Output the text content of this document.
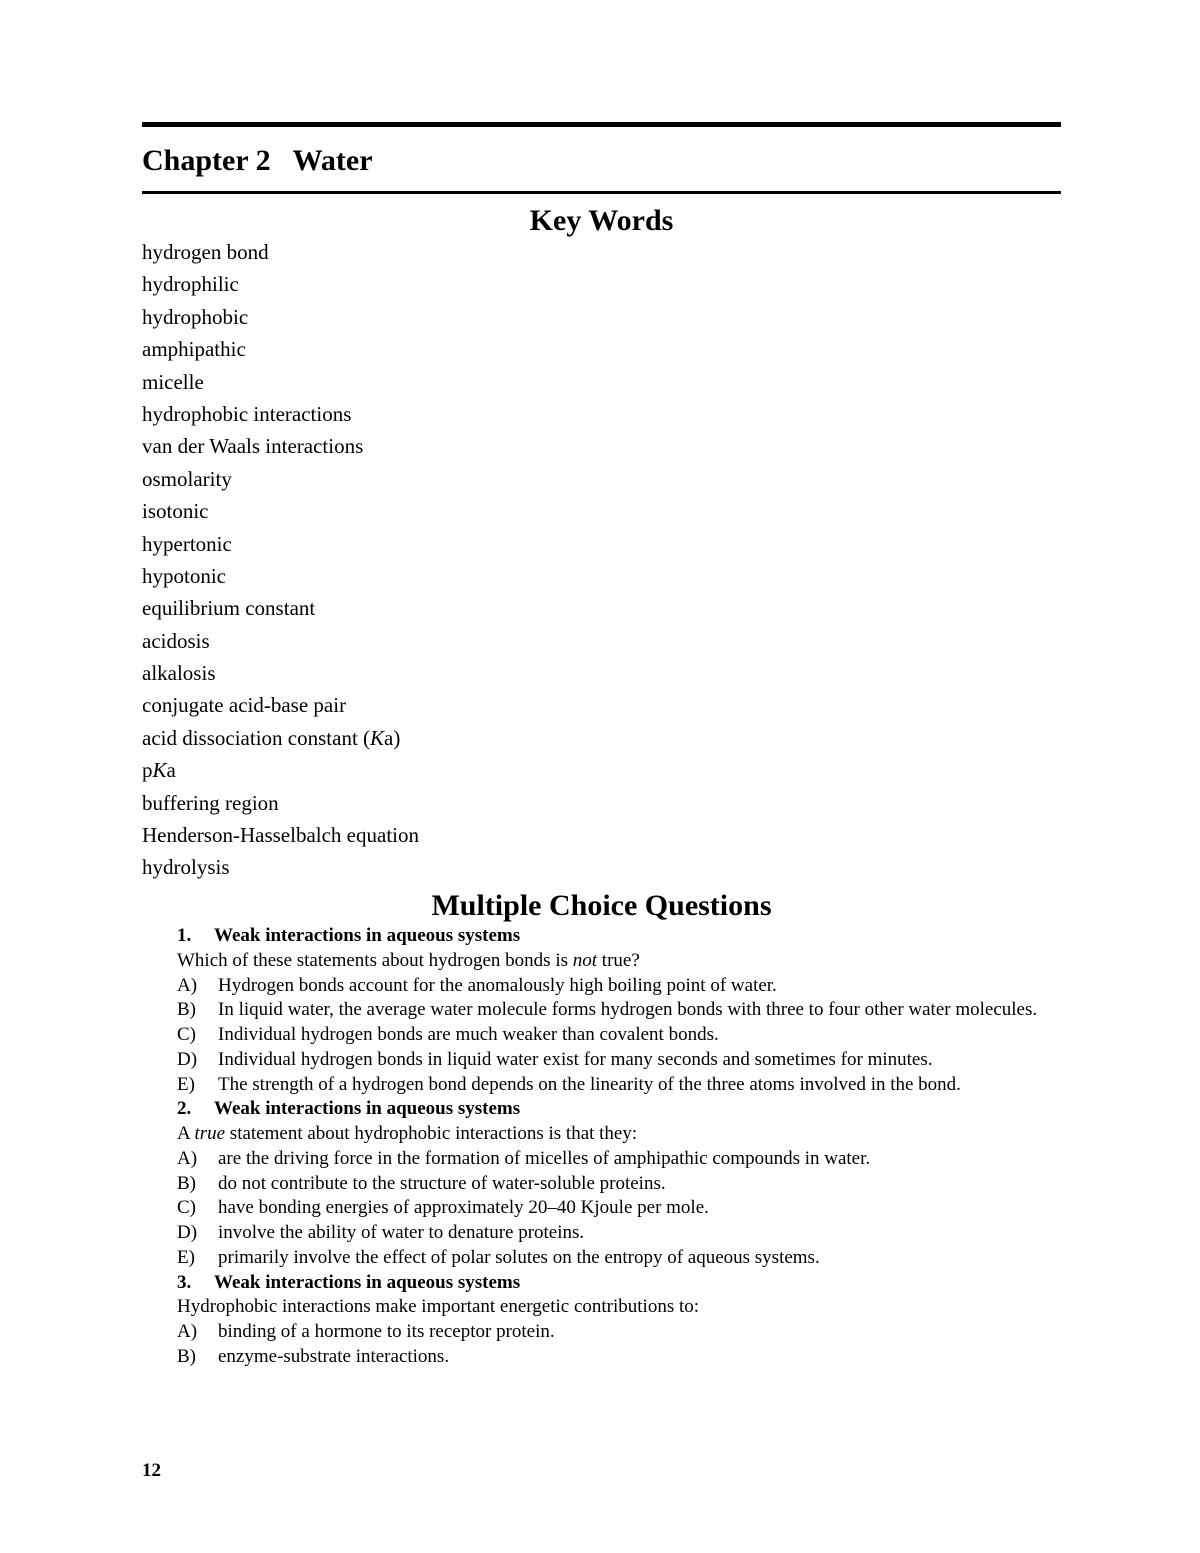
Chapter 2   Water
Key Words
hydrogen bond
hydrophilic
hydrophobic
amphipathic
micelle
hydrophobic interactions
van der Waals interactions
osmolarity
isotonic
hypertonic
hypotonic
equilibrium constant
acidosis
alkalosis
conjugate acid-base pair
acid dissociation constant (Ka)
pKa
buffering region
Henderson-Hasselbalch equation
hydrolysis
Multiple Choice Questions
1. Weak interactions in aqueous systems
Which of these statements about hydrogen bonds is not true?
A)	Hydrogen bonds account for the anomalously high boiling point of water.
B)	In liquid water, the average water molecule forms hydrogen bonds with three to four other water molecules.
C)	Individual hydrogen bonds are much weaker than covalent bonds.
D)	Individual hydrogen bonds in liquid water exist for many seconds and sometimes for minutes.
E)	The strength of a hydrogen bond depends on the linearity of the three atoms involved in the bond.
2. Weak interactions in aqueous systems
A true statement about hydrophobic interactions is that they:
A)	are the driving force in the formation of micelles of amphipathic compounds in water.
B)	do not contribute to the structure of water-soluble proteins.
C)	have bonding energies of approximately 20–40 Kjoule per mole.
D)	involve the ability of water to denature proteins.
E)	primarily involve the effect of polar solutes on the entropy of aqueous systems.
3. Weak interactions in aqueous systems
Hydrophobic interactions make important energetic contributions to:
A)	binding of a hormone to its receptor protein.
B)	enzyme-substrate interactions.
12
